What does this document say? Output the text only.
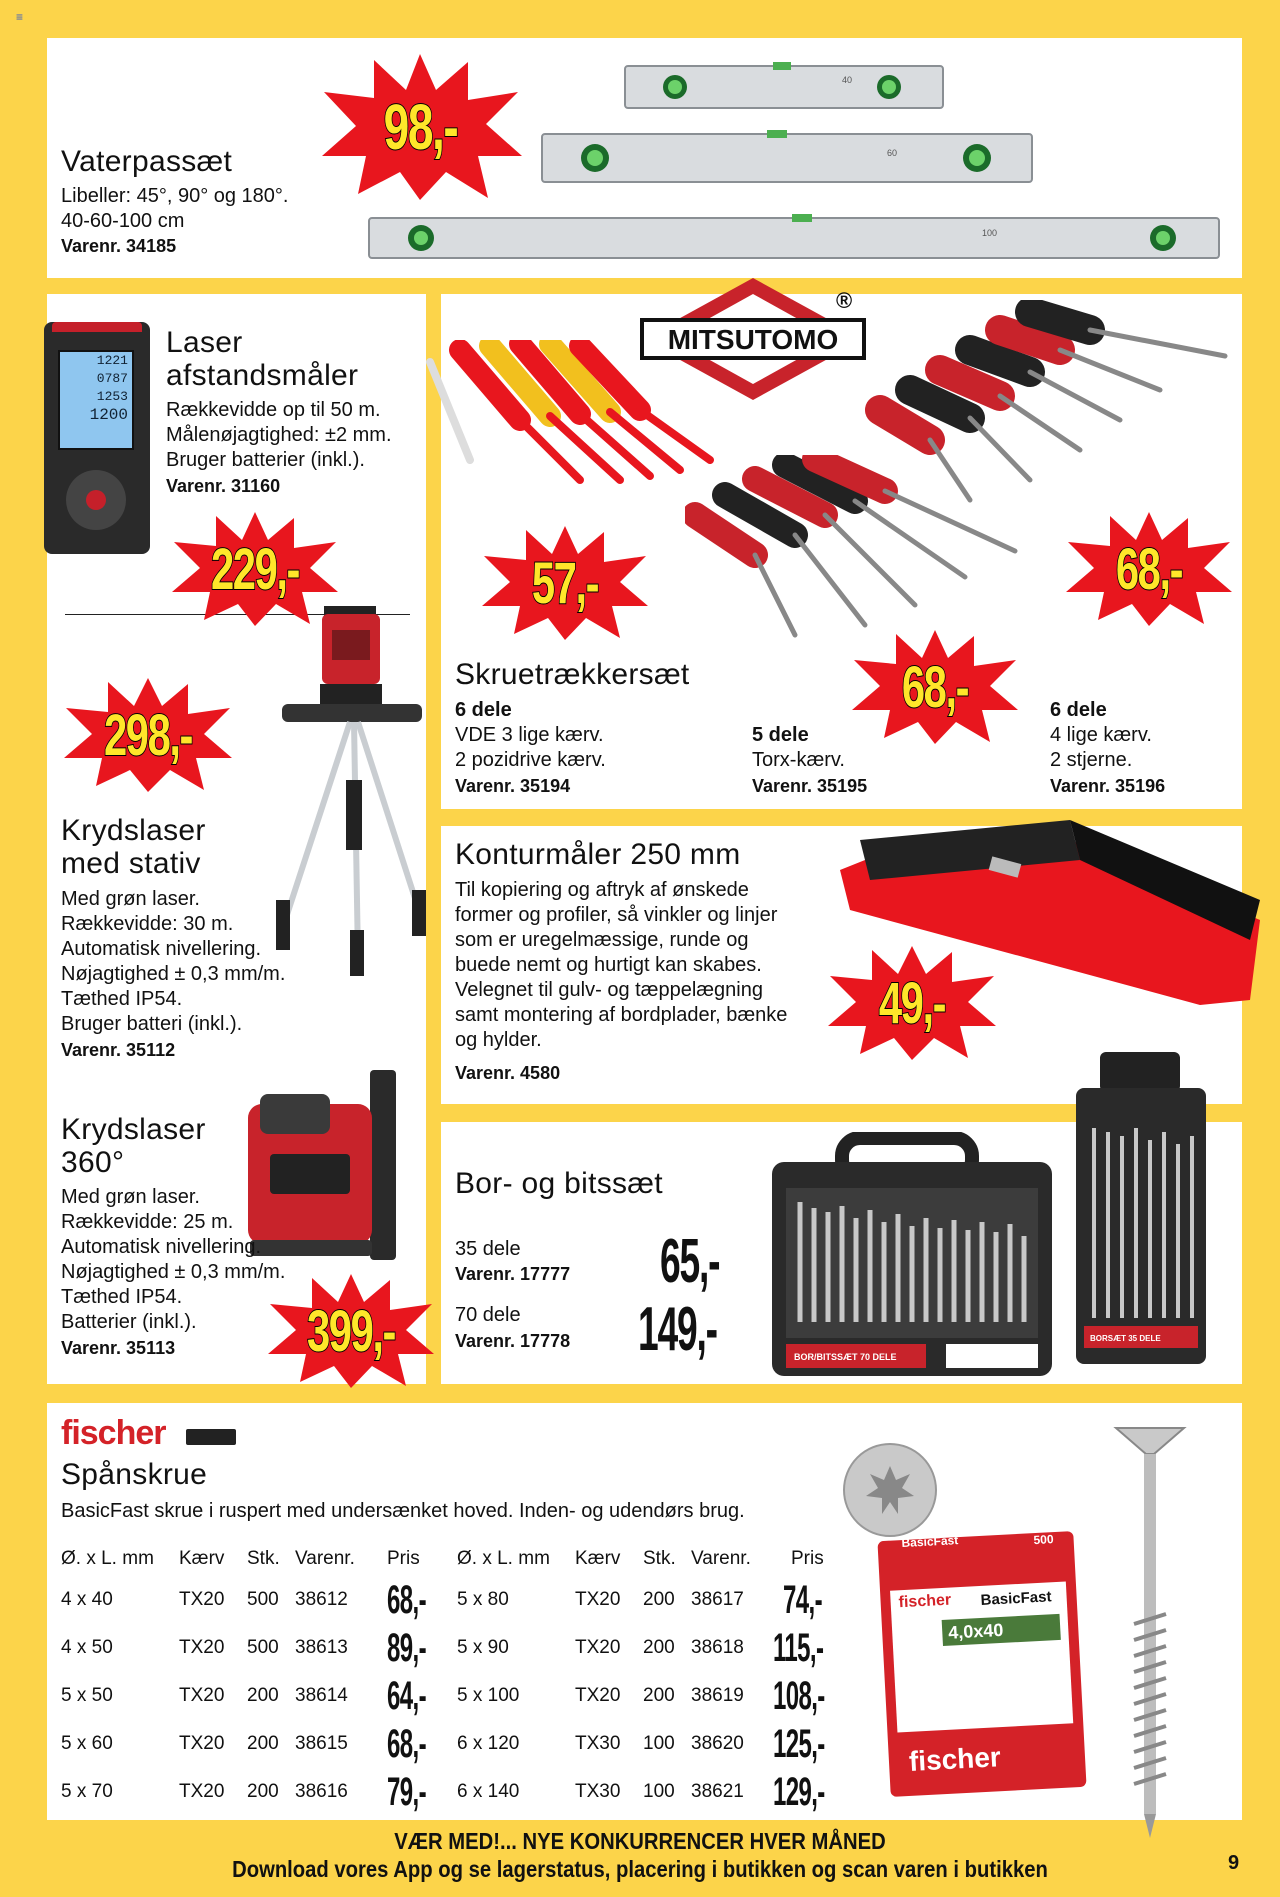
≡
40
60
100
Vaterpassæt
Libeller: 45°, 90° og 180°.
40-60-100 cm
Varenr. 34185
98,-
1221
0787
1253
1200
Laser
afstandsmåler
Rækkevidde op til 50 m.
Målenøjagtighed: ±2 mm.
Bruger batterier (inkl.).
Varenr. 31160
229,-
298,-
Krydslaser
med stativ
Med grøn laser.
Rækkevidde: 30 m.
Automatisk nivellering.
Nøjagtighed ± 0,3 mm/m.
Tæthed IP54.
Bruger batteri (inkl.).
Varenr. 35112
Krydslaser
360°
Med grøn laser.
Rækkevidde: 25 m.
Automatisk nivellering.
Nøjagtighed ± 0,3 mm/m.
Tæthed IP54.
Batterier (inkl.).
Varenr. 35113 399,-
MITSUTOMO
®
57,-
68,-
68,-
Skruetrækkersæt
6 dele
VDE 3 lige kærv.
2 pozidrive kærv.
Varenr. 35194
5 dele
Torx-kærv.
Varenr. 35195
6 dele
4 lige kærv.
2 stjerne.
Varenr. 35196
Konturmåler 250 mm
Til kopiering og aftryk af ønskede
former og profiler, så vinkler og linjer
som er uregelmæssige, runde og
buede nemt og hurtigt kan skabes.
Velegnet til gulv- og tæppelægning
samt montering af bordplader, bænke
og hylder.
Varenr. 4580
49,-
Bor- og bitssæt
35 dele
Varenr. 17777 65,-
70 dele
Varenr. 17778 149,-	BOR/BITSSÆT 70 DELE
BORSÆT 35 DELE
fischer
Spånskrue
BasicFast skrue i ruspert med undersænket hoved. Inden- og udendørs brug.
Ø. x L. mm	Kærv	Stk.	Varenr.	Pris
4 x 40	TX20	500	38612	68,-
4 x 50	TX20	500	38613	89,-
5 x 50	TX20	200	38614	64,-
5 x 60	TX20	200	38615	68,-
5 x 70	TX20	200	38616	79,-
Ø. x L. mm	Kærv	Stk.	Varenr.	Pris
5 x 80	TX20	200	38617	74,-
5 x 90	TX20	200	38618	115,-
5 x 100	TX20	200	38619	108,-
6 x 120	TX30	100	38620	125,-
6 x 140	TX30	100	38621	129,-
BasicFast	500
fischer BasicFast
4,0x40
fischer
VÆR MED!... NYE KONKURRENCER HVER MÅNED
Download vores App og se lagerstatus, placering i butikken og scan varen i butikken	9
